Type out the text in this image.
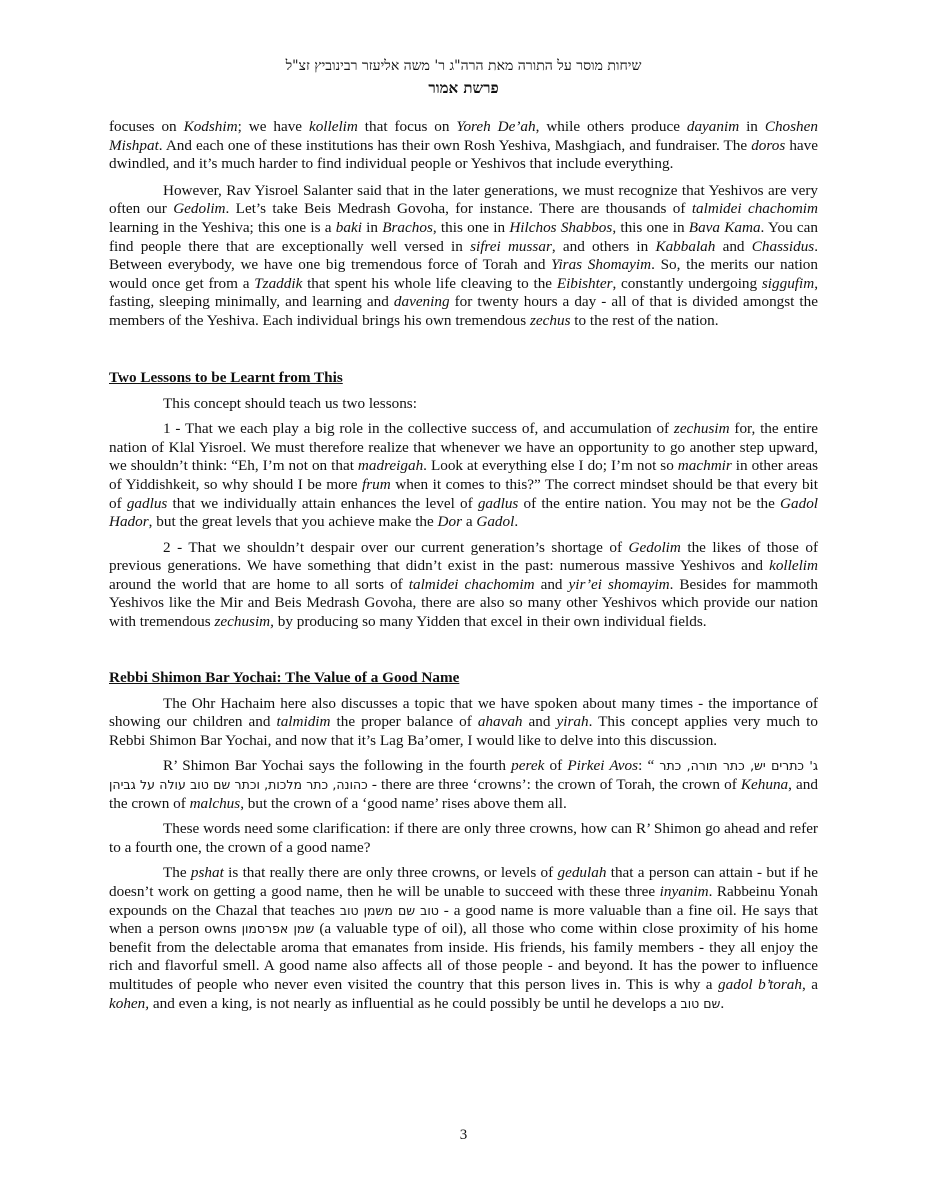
שיחות מוסר על התורה מאת הרה"ג ר' משה אליעזר רבינוביץ זצ"ל
פרשת אמור

focuses on Kodshim; we have kollelim that focus on Yoreh De’ah, while others produce dayanim in Choshen Mishpat. And each one of these institutions has their own Rosh Yeshiva, Mashgiach, and fundraiser. The doros have dwindled, and it’s much harder to find individual people or Yeshivos that include everything.

However, Rav Yisroel Salanter said that in the later generations, we must recognize that Yeshivos are very often our Gedolim. Let’s take Beis Medrash Govoha, for instance. There are thousands of talmidei chachomim learning in the Yeshiva; this one is a baki in Brachos, this one in Hilchos Shabbos, this one in Bava Kama. You can find people there that are exceptionally well versed in sifrei mussar, and others in Kabbalah and Chassidus. Between everybody, we have one big tremendous force of Torah and Yiras Shomayim. So, the merits our nation would once get from a Tzaddik that spent his whole life cleaving to the Eibishter, constantly undergoing siggufim, fasting, sleeping minimally, and learning and davening for twenty hours a day - all of that is divided amongst the members of the Yeshiva. Each individual brings his own tremendous zechus to the rest of the nation.

Two Lessons to be Learnt from This

This concept should teach us two lessons:

1 - That we each play a big role in the collective success of, and accumulation of zechusim for, the entire nation of Klal Yisroel. We must therefore realize that whenever we have an opportunity to go another step upward, we shouldn’t think: “Eh, I’m not on that madreigah. Look at everything else I do; I’m not so machmir in other areas of Yiddishkeit, so why should I be more frum when it comes to this?” The correct mindset should be that every bit of gadlus that we individually attain enhances the level of gadlus of the entire nation. You may not be the Gadol Hador, but the great levels that you achieve make the Dor a Gadol.

2 - That we shouldn’t despair over our current generation’s shortage of Gedolim the likes of those of previous generations. We have something that didn’t exist in the past: numerous massive Yeshivos and kollelim around the world that are home to all sorts of talmidei chachomim and yir’ei shomayim. Besides for mammoth Yeshivos like the Mir and Beis Medrash Govoha, there are also so many other Yeshivos which provide our nation with tremendous zechusim, by producing so many Yidden that excel in their own individual fields.

Rebbi Shimon Bar Yochai: The Value of a Good Name

The Ohr Hachaim here also discusses a topic that we have spoken about many times - the importance of showing our children and talmidim the proper balance of ahavah and yirah. This concept applies very much to Rebbi Shimon Bar Yochai, and now that it’s Lag Ba’omer, I would like to delve into this discussion.

R’ Shimon Bar Yochai says the following in the fourth perek of Pirkei Avos: “ ג' כתרים יש, כתר תורה, כתר כהונה, כתר מלכות, וכתר שם טוב עולה על גביהן - there are three ‘crowns’: the crown of Torah, the crown of Kehuna, and the crown of malchus, but the crown of a ‘good name’ rises above them all.

These words need some clarification: if there are only three crowns, how can R’ Shimon go ahead and refer to a fourth one, the crown of a good name?

The pshat is that really there are only three crowns, or levels of gedulah that a person can attain - but if he doesn’t work on getting a good name, then he will be unable to succeed with these three inyanim. Rabbeinu Yonah expounds on the Chazal that teaches טוב שם משמן טוב - a good name is more valuable than a fine oil. He says that when a person owns שמן אפרסמון (a valuable type of oil), all those who come within close proximity of his home benefit from the delectable aroma that emanates from inside. His friends, his family members - they all enjoy the rich and flavorful smell. A good name also affects all of those people - and beyond. It has the power to influence multitudes of people who never even visited the country that this person lives in. This is why a gadol b’torah, a kohen, and even a king, is not nearly as influential as he could possibly be until he develops a שם טוב.

3
